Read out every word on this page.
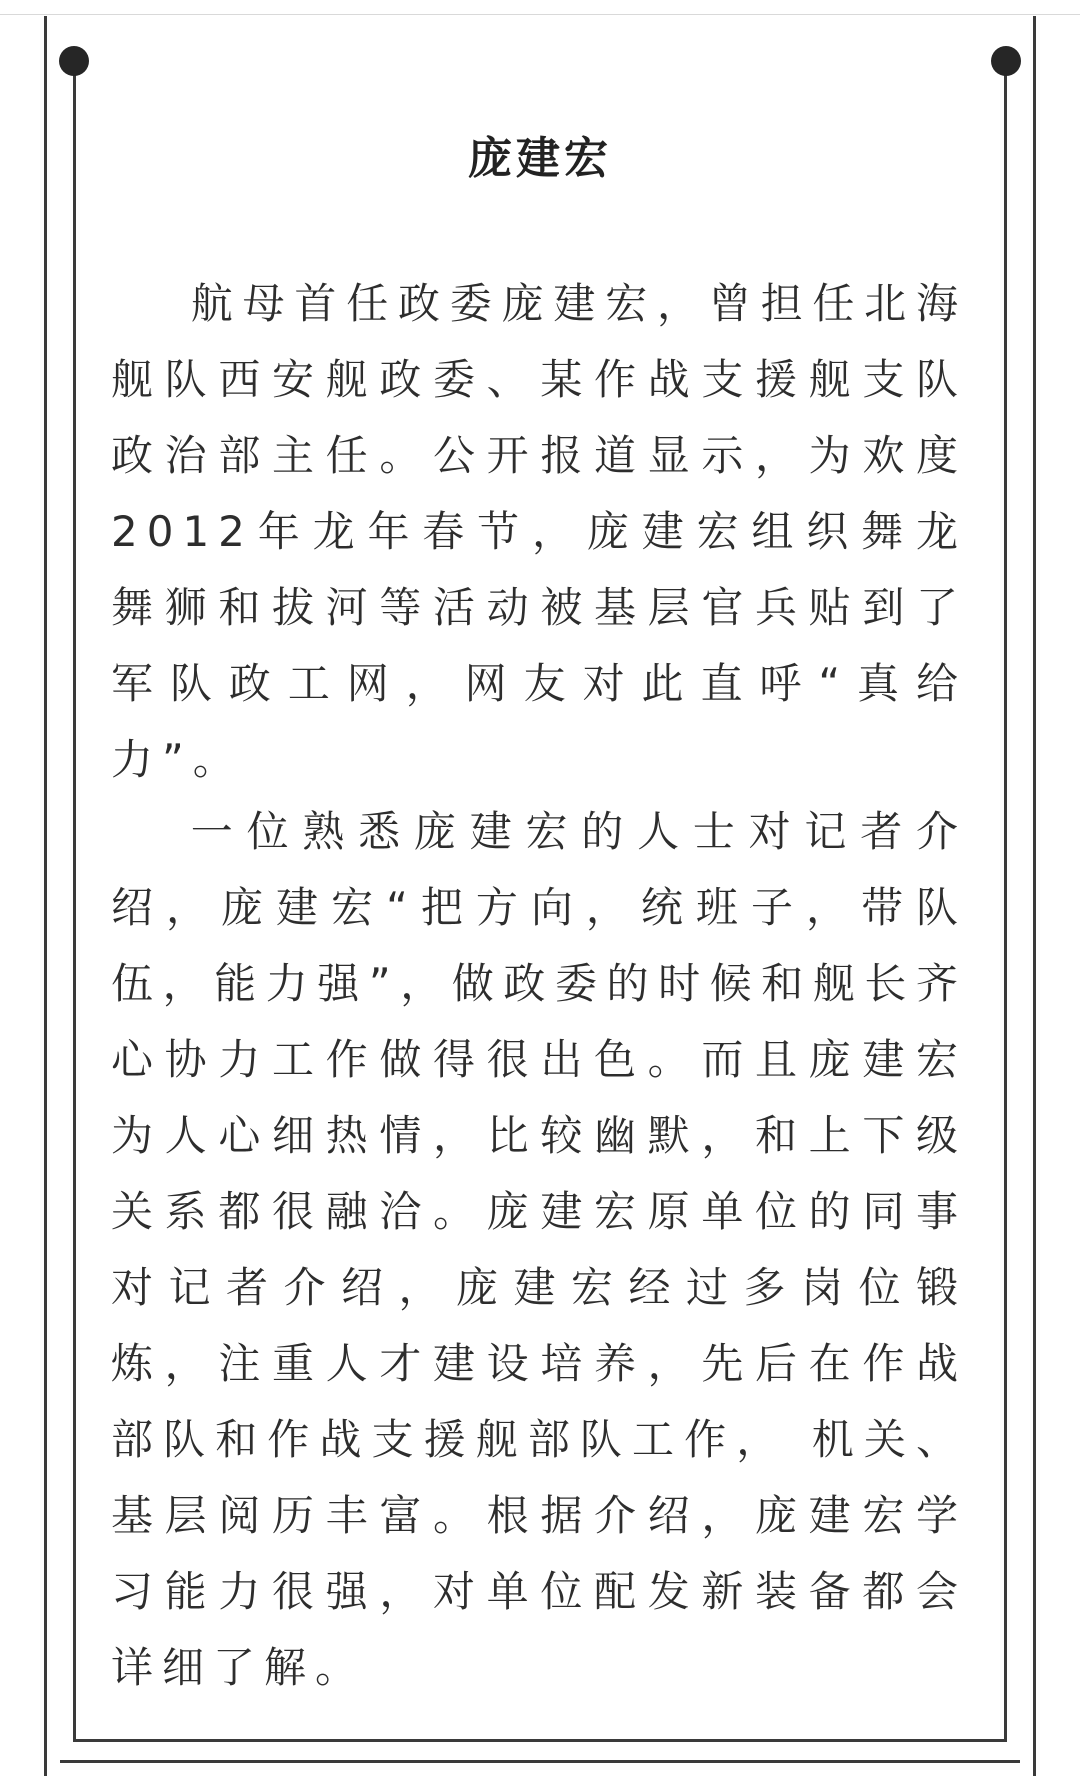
庞建宏

航母首任政委庞建宏，曾担任北海舰队西安舰政委、某作战支援舰支队政治部主任。公开报道显示，为欢度2012年龙年春节，庞建宏组织舞龙舞狮和拔河等活动被基层官兵贴到了军队政工网，网友对此直呼“真给力”。

一位熟悉庞建宏的人士对记者介绍，庞建宏“把方向，统班子，带队伍，能力强”，做政委的时候和舰长齐心协力工作做得很出色。而且庞建宏为人心细热情，比较幽默，和上下级关系都很融洽。庞建宏原单位的同事对记者介绍，庞建宏经过多岗位锻炼，注重人才建设培养，先后在作战部队和作战支援舰部队工作， 机关、基层阅历丰富。根据介绍，庞建宏学习能力很强，对单位配发新装备都会详细了解。
